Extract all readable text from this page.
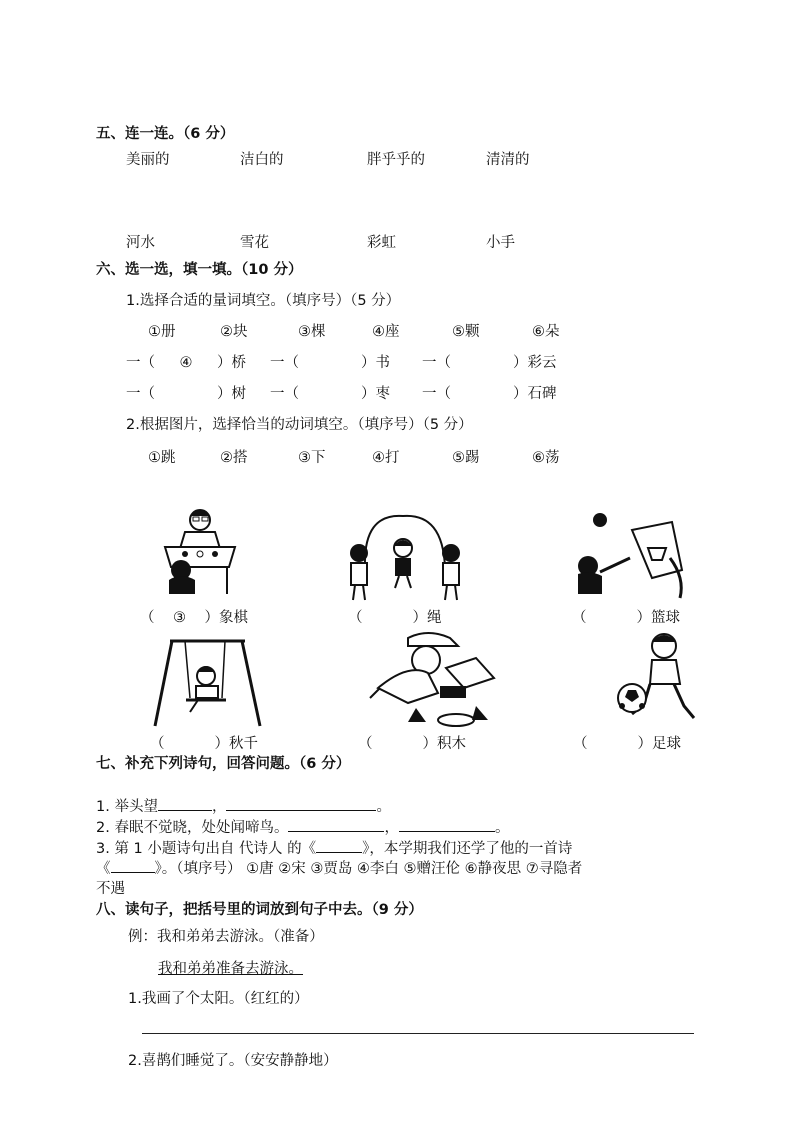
五、连一连。（6 分）
美丽的	洁白的	胖乎乎的	清清的
河水	雪花	彩虹	小手
六、选一选，填一填。（10 分）
1.选择合适的量词填空。（填序号）（5 分）
①册	②块	③棵	④座	⑤颗	⑥朵
一（ ④ ）桥 一（	）书 一（	）彩云
一（	）树 一（	）枣 一（	）石碑
2.根据图片，选择恰当的动词填空。（填序号）（5 分）
①跳	②搭	③下	④打	⑤踢	⑥荡
（ ③ ）象棋	（	）绳	（	）篮球
（	）秋千	（	）积木	（	）足球
七、补充下列诗句，回答问题。（6 分）
1. 举头望	，	。
2. 春眠不觉晓，处处闻啼鸟。	，	。
3. 第 1 小题诗句出自 代诗人 的《	》，本学期我们还学了他的一首诗
《	》。（填序号） ①唐 ②宋 ③贾岛 ④李白 ⑤赠汪伦 ⑥静夜思 ⑦寻隐者
不遇
八、读句子，把括号里的词放到句子中去。（9 分）
例：我和弟弟去游泳。（准备）
我和弟弟准备去游泳。
1.我画了个太阳。（红红的）
2.喜鹊们睡觉了。（安安静静地）
